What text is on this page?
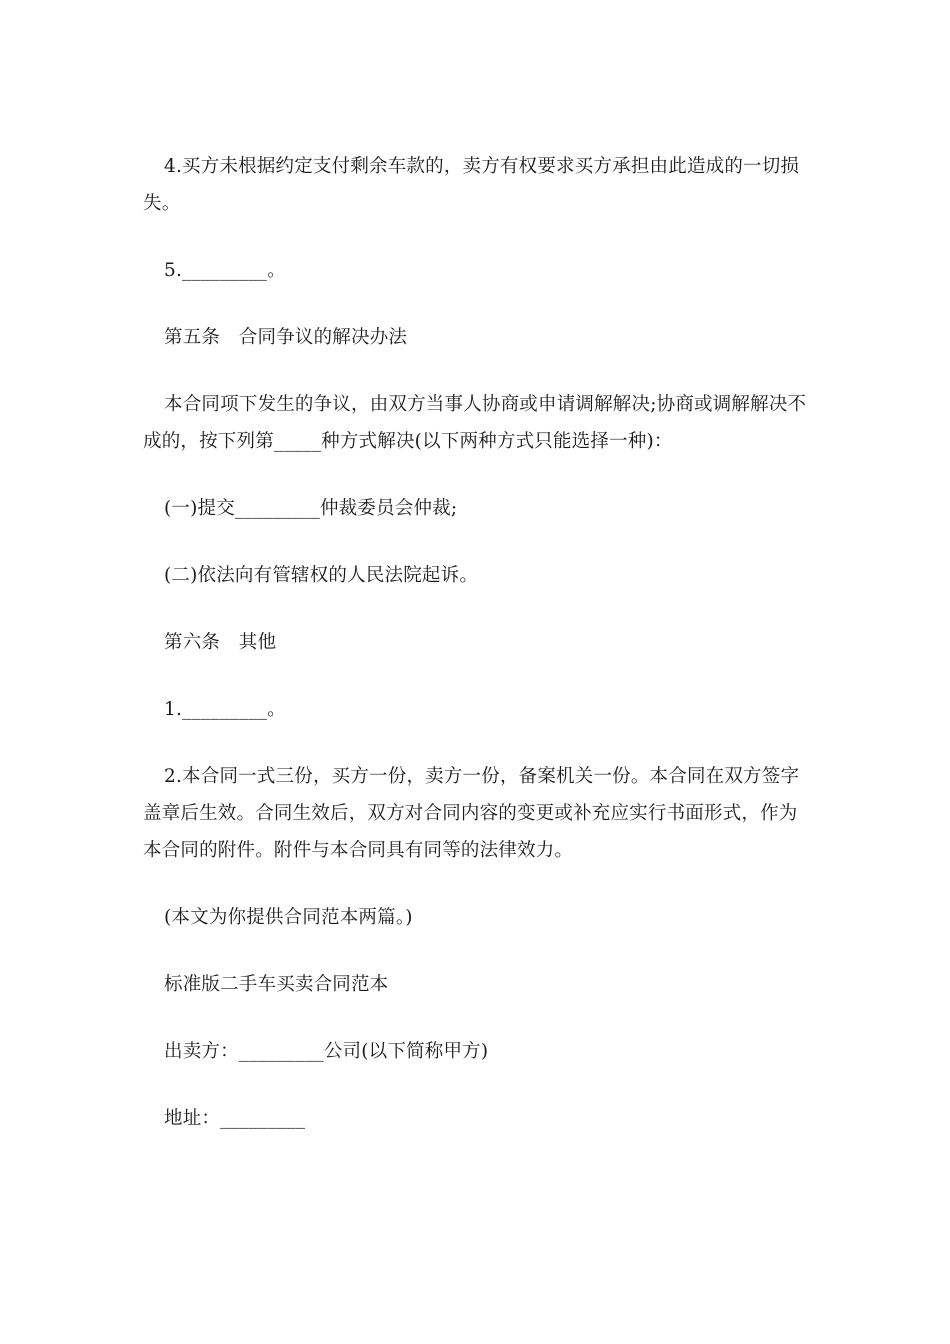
4.买方未根据约定支付剩余车款的，卖方有权要求买方承担由此造成的一切损失。

5._________。

第五条　合同争议的解决办法

本合同项下发生的争议，由双方当事人协商或申请调解解决;协商或调解解决不成的，按下列第_____种方式解决(以下两种方式只能选择一种)：

(一)提交_________仲裁委员会仲裁;

(二)依法向有管辖权的人民法院起诉。

第六条　其他

1._________。

2.本合同一式三份，买方一份，卖方一份，备案机关一份。本合同在双方签字盖章后生效。合同生效后，双方对合同内容的变更或补充应实行书面形式，作为本合同的附件。附件与本合同具有同等的法律效力。

(本文为你提供合同范本两篇。)

标准版二手车买卖合同范本

出卖方：_________公司(以下简称甲方)

地址：_________
